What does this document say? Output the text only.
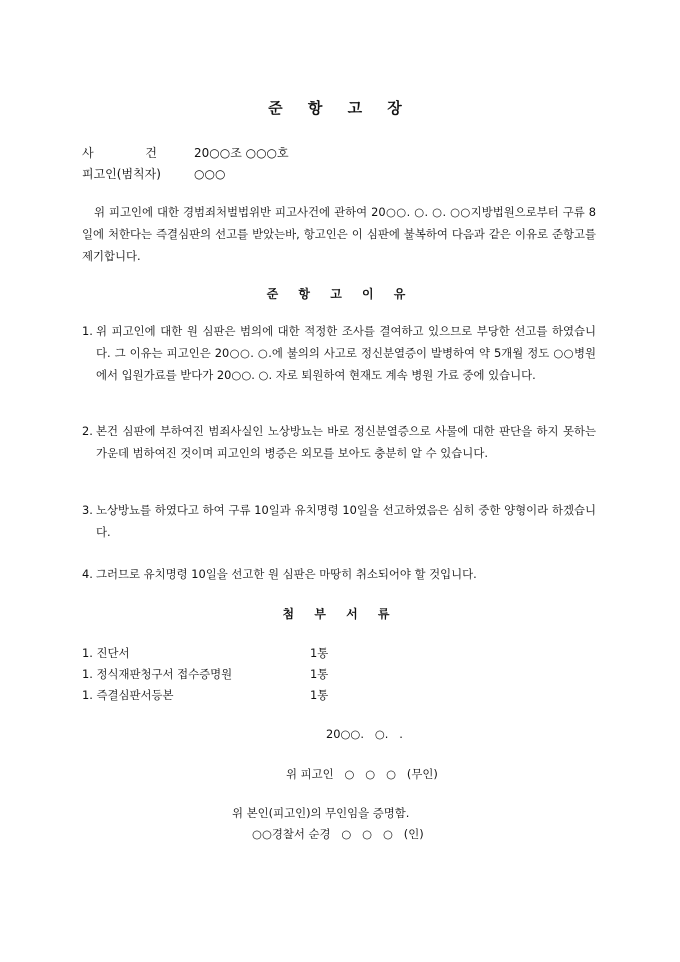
준 항 고 장
사 건 20○○조 ○○○호
피고인(범칙자)	○○○
위 피고인에 대한 경범죄처벌법위반 피고사건에 관하여 20○○. ○. ○. ○○지방법원으로부터 구류 8일에 처한다는 즉결심판의 선고를 받았는바, 항고인은 이 심판에 불복하여 다음과 같은 이유로 준항고를 제기합니다.
준 항 고 이 유
1. 위 피고인에 대한 원 심판은 범의에 대한 적정한 조사를 결여하고 있으므로 부당한 선고를 하였습니다. 그 이유는 피고인은 20○○. ○.에 불의의 사고로 정신분열증이 발병하여 약 5개월 정도 ○○병원에서 입원가료를 받다가 20○○. ○. 자로 퇴원하여 현재도 계속 병원 가료 중에 있습니다.
2. 본건 심판에 부하여진 범죄사실인 노상방뇨는 바로 정신분열증으로 사물에 대한 판단을 하지 못하는 가운데 범하여진 것이며 피고인의 병증은 외모를 보아도 충분히 알 수 있습니다.
3. 노상방뇨를 하였다고 하여 구류 10일과 유치명령 10일을 선고하였음은 심히 중한 양형이라 하겠습니다.
4. 그러므로 유치명령 10일을 선고한 원 심판은 마땅히 취소되어야 할 것입니다.
첨 부 서 류
1. 진단서	1통
1. 정식재판청구서 접수증명원	1통
1. 즉결심판서등본	1통
20○○.   ○.   .
위 피고인   ○   ○   ○   (무인)
위 본인(피고인)의 무인임을 증명함.
○○경찰서 순경   ○   ○   ○   (인)
